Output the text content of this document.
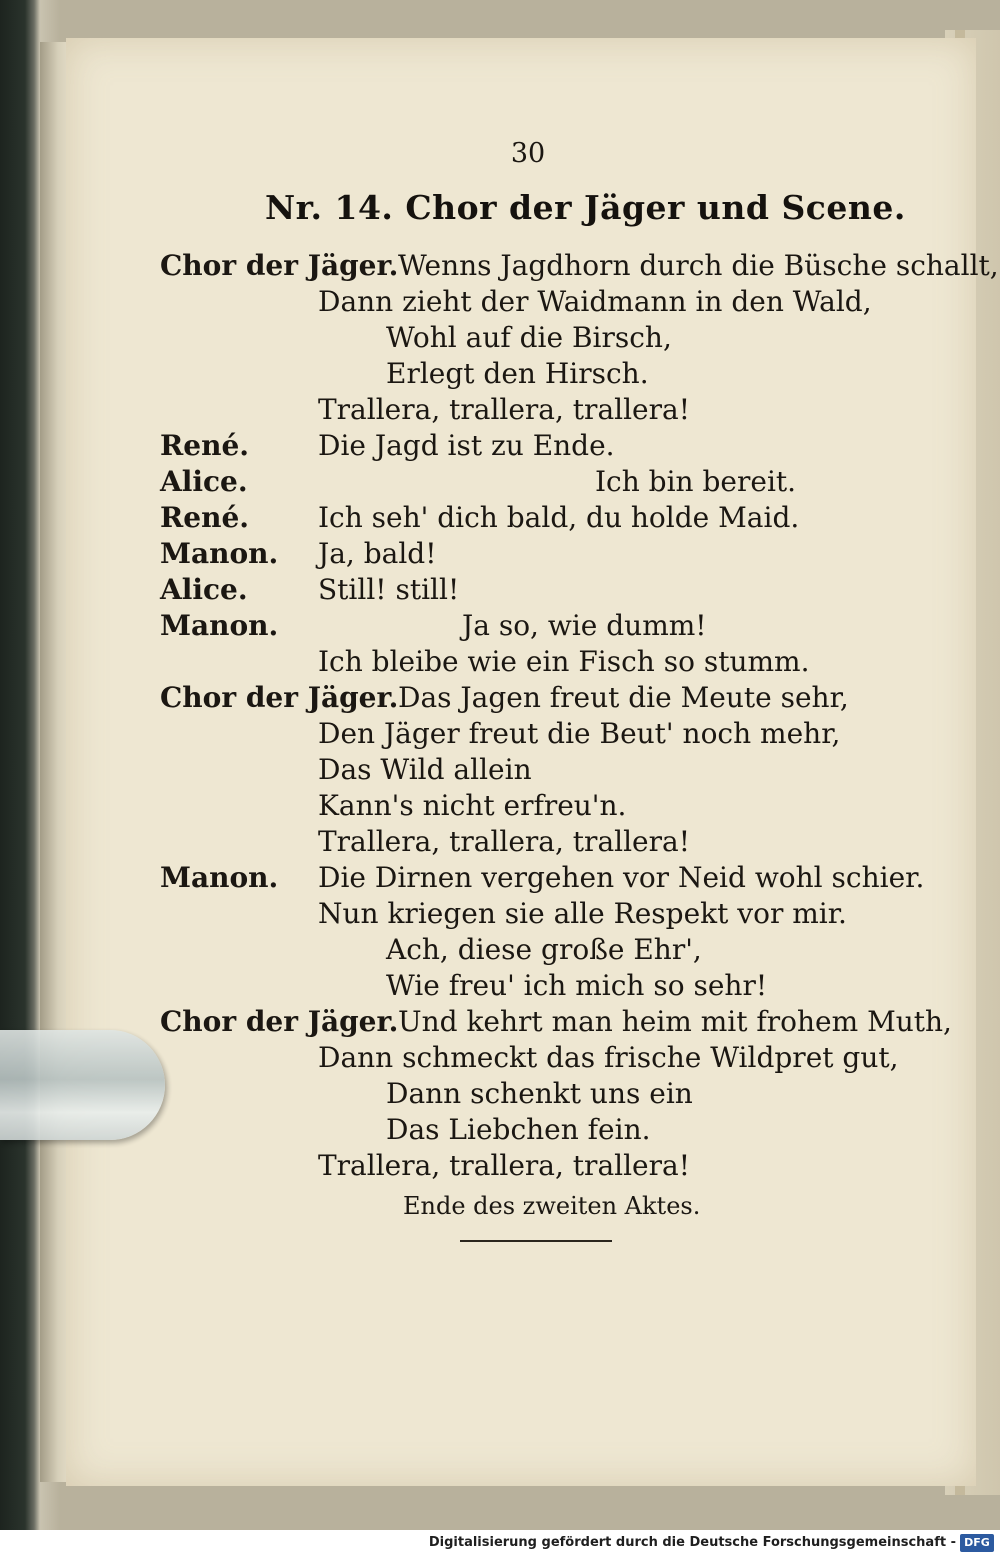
30
Nr. 14. Chor der Jäger und Scene.
Chor der Jäger. Wenns Jagdhorn durch die Büsche schallt,
Dann zieht der Waidmann in den Wald,
Wohl auf die Birsch,
Erlegt den Hirsch.
Trallera, trallera, trallera!
René. Die Jagd ist zu Ende.
Alice.	Ich bin bereit.
René. Ich seh' dich bald, du holde Maid.
Manon. Ja, bald!
Alice.	Still! still!
Manon.	Ja so, wie dumm!
Ich bleibe wie ein Fisch so stumm.
Chor der Jäger. Das Jagen freut die Meute sehr,
Den Jäger freut die Beut' noch mehr,
Das Wild allein
Kann's nicht erfreu'n.
Trallera, trallera, trallera!
Manon. Die Dirnen vergehen vor Neid wohl schier.
Nun kriegen sie alle Respekt vor mir.
Ach, diese große Ehr',
Wie freu' ich mich so sehr!
Chor der Jäger. Und kehrt man heim mit frohem Muth,
Dann schmeckt das frische Wildpret gut,
Dann schenkt uns ein
Das Liebchen fein.
Ende des zweiten Aktes.
Trallera, trallera, trallera!
Digitalisierung gefördert durch die Deutsche Forschungsgemeinschaft - DFG
